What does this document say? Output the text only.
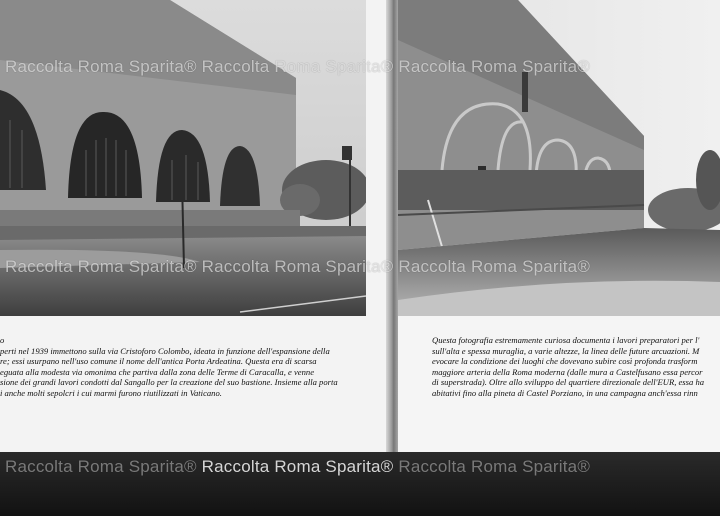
o
perti nel 1939 immettono sulla via Cristoforo Colombo, ideata in funzione dell'espansione della
re; essi usurpano nell'uso comune il nome dell'antica Porta Ardeatina. Questa era di scarsa
eguata alla modesta via omonima che partiva dalla zona delle Terme di Caracalla, e venne
sione dei grandi lavori condotti dal Sangallo per la creazione del suo bastione. Insieme alla porta
i anche molti sepolcri i cui marmi furono riutilizzati in Vaticano.
Questa fotografia estremamente curiosa documenta i lavori preparatori per l'
sull'alta e spessa muraglia, a varie altezze, la linea delle future arcuazioni. M
evocare la condizione dei luoghi che dovevano subire così profonda trasform
maggiore arteria della Roma moderna (dalle mura a Castelfusano essa percor
di superstrada). Oltre allo sviluppo del quartiere direzionale dell'EUR, essa ha
abitativi fino alla pineta di Castel Porziano, in una campagna anch'essa rinn
Raccolta Roma Sparita® Raccolta Roma Sparita® Raccolta Roma Sparita®
Raccolta Roma Sparita® Raccolta Roma Sparita® Raccolta Roma Sparita®
Raccolta Roma Sparita® Raccolta Roma Sparita® Raccolta Roma Sparita®
